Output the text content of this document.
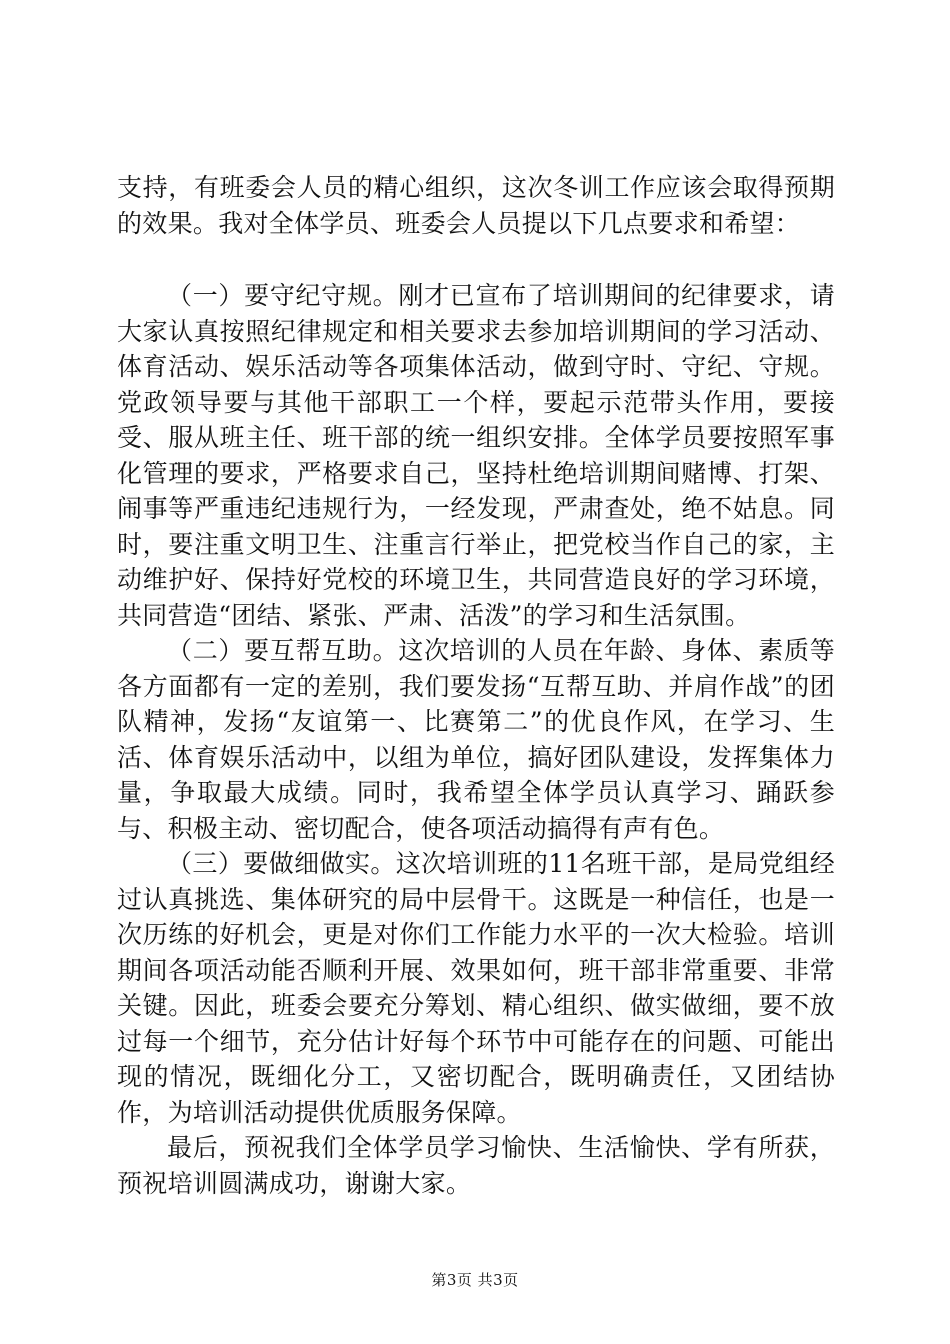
支持，有班委会人员的精心组织，这次冬训工作应该会取得预期的效果。我对全体学员、班委会人员提以下几点要求和希望：

（一）要守纪守规。刚才已宣布了培训期间的纪律要求，请大家认真按照纪律规定和相关要求去参加培训期间的学习活动、体育活动、娱乐活动等各项集体活动，做到守时、守纪、守规。党政领导要与其他干部职工一个样，要起示范带头作用，要接受、服从班主任、班干部的统一组织安排。全体学员要按照军事化管理的要求，严格要求自己，坚持杜绝培训期间赌博、打架、闹事等严重违纪违规行为，一经发现，严肃查处，绝不姑息。同时，要注重文明卫生、注重言行举止，把党校当作自己的家，主动维护好、保持好党校的环境卫生，共同营造良好的学习环境，共同营造“团结、紧张、严肃、活泼”的学习和生活氛围。

（二）要互帮互助。这次培训的人员在年龄、身体、素质等各方面都有一定的差别，我们要发扬“互帮互助、并肩作战”的团队精神，发扬“友谊第一、比赛第二”的优良作风，在学习、生活、体育娱乐活动中，以组为单位，搞好团队建设，发挥集体力量，争取最大成绩。同时，我希望全体学员认真学习、踊跃参与、积极主动、密切配合，使各项活动搞得有声有色。

（三）要做细做实。这次培训班的11名班干部，是局党组经过认真挑选、集体研究的局中层骨干。这既是一种信任，也是一次历练的好机会，更是对你们工作能力水平的一次大检验。培训期间各项活动能否顺利开展、效果如何，班干部非常重要、非常关键。因此，班委会要充分筹划、精心组织、做实做细，要不放过每一个细节，充分估计好每个环节中可能存在的问题、可能出现的情况，既细化分工，又密切配合，既明确责任，又团结协作，为培训活动提供优质服务保障。

最后，预祝我们全体学员学习愉快、生活愉快、学有所获，预祝培训圆满成功，谢谢大家。

第3页 共3页
